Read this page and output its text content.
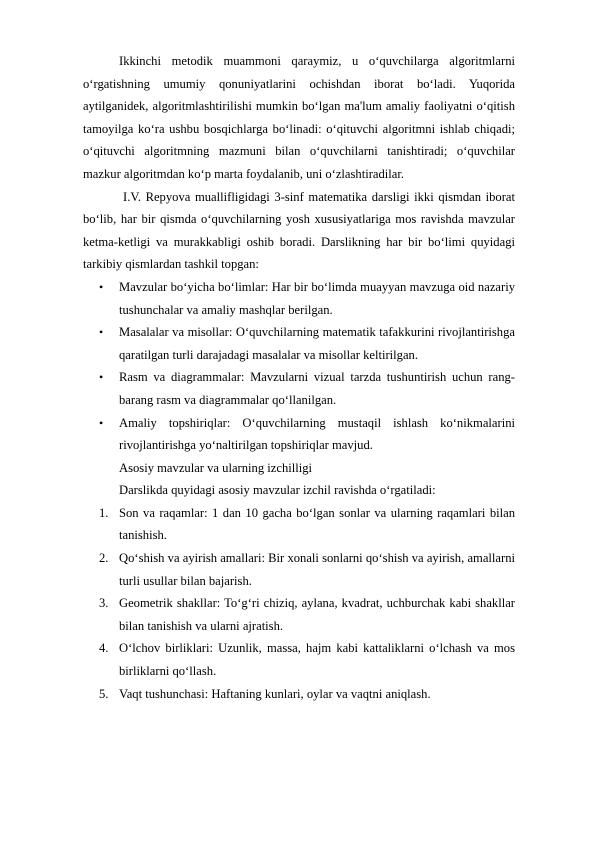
Ikkinchi metodik muammoni qaraymiz, u o‘quvchilarga algoritmlarni o‘rgatishning umumiy qonuniyatlarini ochishdan iborat bo‘ladi. Yuqorida aytilganidek, algoritmlashtirilishi mumkin bo‘lgan ma'lum amaliy faoliyatni o‘qitish tamoyilga ko‘ra ushbu bosqichlarga bo‘linadi: o‘qituvchi algoritmni ishlab chiqadi; o‘qituvchi algoritmning mazmuni bilan o‘quvchilarni tanishtiradi; o‘quvchilar mazkur algoritmdan ko‘p marta foydalanib, uni o‘zlashtiradilar.

I.V. Repyova muallifligidagi 3-sinf matematika darsligi ikki qismdan iborat bo‘lib, har bir qismda o‘quvchilarning yosh xususiyatlariga mos ravishda mavzular ketma-ketligi va murakkabligi oshib boradi. Darslikning har bir bo‘limi quyidagi tarkibiy qismlardan tashkil topgan:

• Mavzular bo‘yicha bo‘limlar: Har bir bo‘limda muayyan mavzuga oid nazariy tushunchalar va amaliy mashqlar berilgan.
• Masalalar va misollar: O‘quvchilarning matematik tafakkurini rivojlantirishga qaratilgan turli darajadagi masalalar va misollar keltirilgan.
• Rasm va diagrammalar: Mavzularni vizual tarzda tushuntirish uchun rang-barang rasm va diagrammalar qo‘llanilgan.
• Amaliy topshiriqlar: O‘quvchilarning mustaqil ishlash ko‘nikmalarini rivojlantirishga yo‘naltirilgan topshiriqlar mavjud.

Asosiy mavzular va ularning izchilligi

Darslikda quyidagi asosiy mavzular izchil ravishda o‘rgatiladi:

1. Son va raqamlar: 1 dan 10 gacha bo‘lgan sonlar va ularning raqamlari bilan tanishish.
2. Qo‘shish va ayirish amallari: Bir xonali sonlarni qo‘shish va ayirish, amallarni turli usullar bilan bajarish.
3. Geometrik shakllar: To‘g‘ri chiziq, aylana, kvadrat, uchburchak kabi shakllar bilan tanishish va ularni ajratish.
4. O‘lchov birliklari: Uzunlik, massa, hajm kabi kattaliklarni o‘lchash va mos birliklarni qo‘llash.
5. Vaqt tushunchasi: Haftaning kunlari, oylar va vaqtni aniqlash.
